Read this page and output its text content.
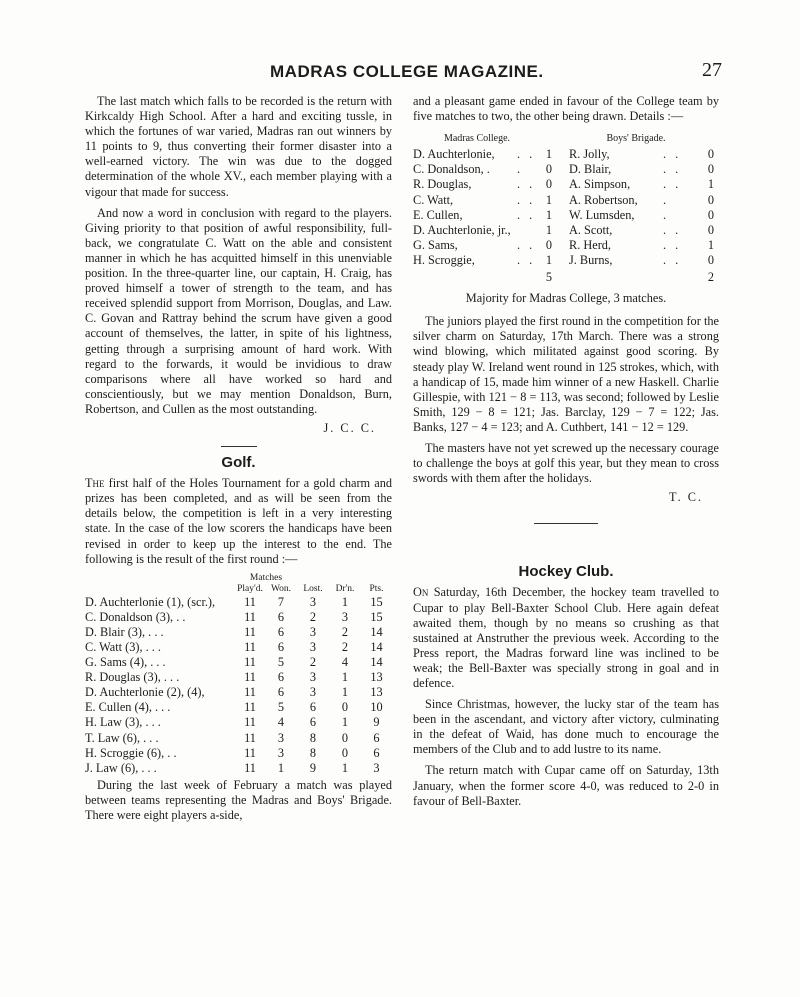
MADRAS COLLEGE MAGAZINE.	27

The last match which falls to be recorded is the return with Kirkcaldy High School. After a hard and exciting tussle, in which the fortunes of war varied, Madras ran out winners by 11 points to 9, thus converting their former disaster into a well-earned victory. The win was due to the dogged determination of the whole XV., each member playing with a vigour that made for success.

And now a word in conclusion with regard to the players. Giving priority to that position of awful responsibility, full-back, we congratulate C. Watt on the able and consistent manner in which he has acquitted himself in this unenviable position. In the three-quarter line, our captain, H. Craig, has proved himself a tower of strength to the team, and has received splendid support from Morrison, Douglas, and Law. C. Govan and Rattray behind the scrum have given a good account of themselves, the latter, in spite of his lightness, getting through a surprising amount of hard work. With regard to the forwards, it would be invidious to draw comparisons where all have worked so hard and conscientiously, but we may mention Donaldson, Burn, Robertson, and Cullen as the most outstanding.

J. C. C.
Golf.

The first half of the Holes Tournament for a gold charm and prizes has been completed, and as will be seen from the details below, the competition is left in a very interesting state. In the case of the low scorers the handicaps have been revised in order to keep up the interest to the end. The following is the result of the first round :—

	Matches				
	Play'd.	Won.	Lost.	Dr'n.	Pts.
D. Auchterlonie (1), (scr.),	11	7	3	1	15
C. Donaldson (3), . .	11	6	2	3	15
D. Blair (3), . . .	11	6	3	2	14
C. Watt (3), . . .	11	6	3	2	14
G. Sams (4), . . .	11	5	2	4	14
R. Douglas (3), . . .	11	6	3	1	13
D. Auchterlonie (2), (4),	11	6	3	1	13
E. Cullen (4), . . .	11	5	6	0	10
H. Law (3), . . .	11	4	6	1	9
T. Law (6), . . .	11	3	8	0	6
H. Scroggie (6), . .	11	3	8	0	6
J. Law (6), . . .	11	1	9	1	3

During the last week of February a match was played between teams representing the Madras and Boys' Brigade. There were eight players a-side,

and a pleasant game ended in favour of the College team by five matches to two, the other being drawn. Details :—

Madras College.				Boys' Brigade.		
D. Auchterlonie,	. .	1		R. Jolly,	. .	0
C. Donaldson, .	.	0		D. Blair,	. .	0
R. Douglas,	. .	0		A. Simpson,	. .	1
C. Watt,	. .	1		A. Robertson,	.	0
E. Cullen,	. .	1		W. Lumsden,	.	0
D. Auchterlonie, jr.,		1		A. Scott,	. .	0
G. Sams,	. .	0		R. Herd,	. .	1
H. Scroggie,	. .	1		J. Burns,	. .	0
		5				2
Majority for Madras College, 3 matches.

The juniors played the first round in the competition for the silver charm on Saturday, 17th March. There was a strong wind blowing, which militated against good scoring. By steady play W. Ireland went round in 125 strokes, which, with a handicap of 15, made him winner of a new Haskell. Charlie Gillespie, with 121 − 8 = 113, was second; followed by Leslie Smith, 129 − 8 = 121; Jas. Barclay, 129 − 7 = 122; Jas. Banks, 127 − 4 = 123; and A. Cuthbert, 141 − 12 = 129.

The masters have not yet screwed up the necessary courage to challenge the boys at golf this year, but they mean to cross swords with them after the holidays.

T. C.
Hockey Club.

On Saturday, 16th December, the hockey team travelled to Cupar to play Bell-Baxter School Club. Here again defeat awaited them, though by no means so crushing as that sustained at Anstruther the previous week. According to the Press report, the Madras forward line was inclined to be weak; the Bell-Baxter was specially strong in goal and in defence.

Since Christmas, however, the lucky star of the team has been in the ascendant, and victory after victory, culminating in the defeat of Waid, has done much to encourage the members of the Club and to add lustre to its name.

The return match with Cupar came off on Saturday, 13th January, when the former score 4-0, was reduced to 2-0 in favour of Bell-Baxter.
